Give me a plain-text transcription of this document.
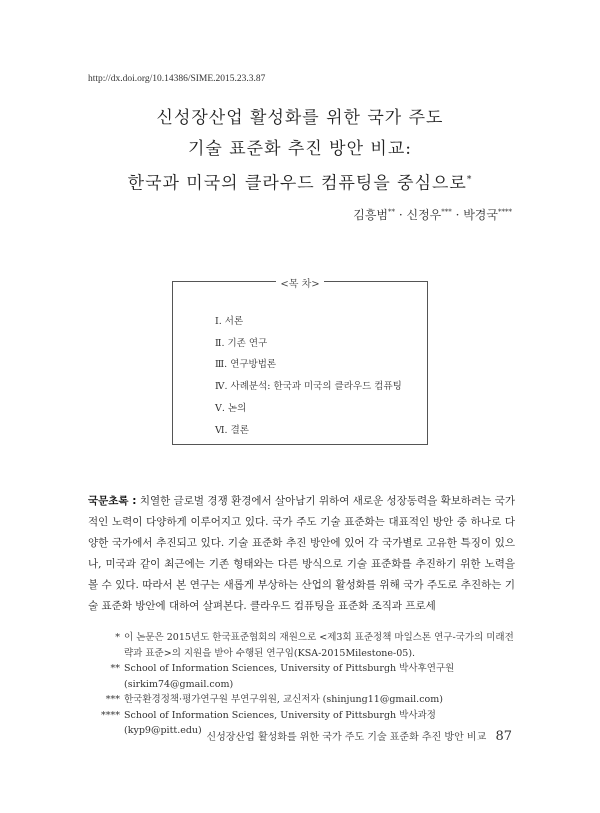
http://dx.doi.org/10.14386/SIME.2015.23.3.87
신성장산업 활성화를 위한 국가 주도
기술 표준화 추진 방안 비교:
한국과 미국의 클라우드 컴퓨팅을 중심으로*
김흥범** · 신정우*** · 박경국****
<목 차>
Ⅰ. 서론
Ⅱ. 기존 연구
Ⅲ. 연구방법론
Ⅳ. 사례분석: 한국과 미국의 클라우드 컴퓨팅
Ⅴ. 논의
Ⅵ. 결론
국문초록 : 치열한 글로벌 경쟁 환경에서 살아남기 위하여 새로운 성장동력을 확보하려는 국가적인 노력이 다양하게 이루어지고 있다. 국가 주도 기술 표준화는 대표적인 방안 중 하나로 다양한 국가에서 추진되고 있다. 기술 표준화 추진 방안에 있어 각 국가별로 고유한 특징이 있으나, 미국과 같이 최근에는 기존 형태와는 다른 방식으로 기술 표준화를 추진하기 위한 노력을 볼 수 있다. 따라서 본 연구는 새롭게 부상하는 산업의 활성화를 위해 국가 주도로 추진하는 기술 표준화 방안에 대하여 살펴본다. 클라우드 컴퓨팅을 표준화 조직과 프로세
* 이 논문은 2015년도 한국표준협회의 재원으로 <제3회 표준정책 마일스톤 연구-국가의 미래전략과 표준>의 지원을 받아 수행된 연구임(KSA-2015Milestone-05).
** School of Information Sciences, University of Pittsburgh 박사후연구원 (sirkim74@gmail.com)
*** 한국환경정책·평가연구원 부연구위원, 교신저자 (shinjung11@gmail.com)
**** School of Information Sciences, University of Pittsburgh 박사과정 (kyp9@pitt.edu)
신성장산업 활성화를 위한 국가 주도 기술 표준화 추진 방안 비교 87
